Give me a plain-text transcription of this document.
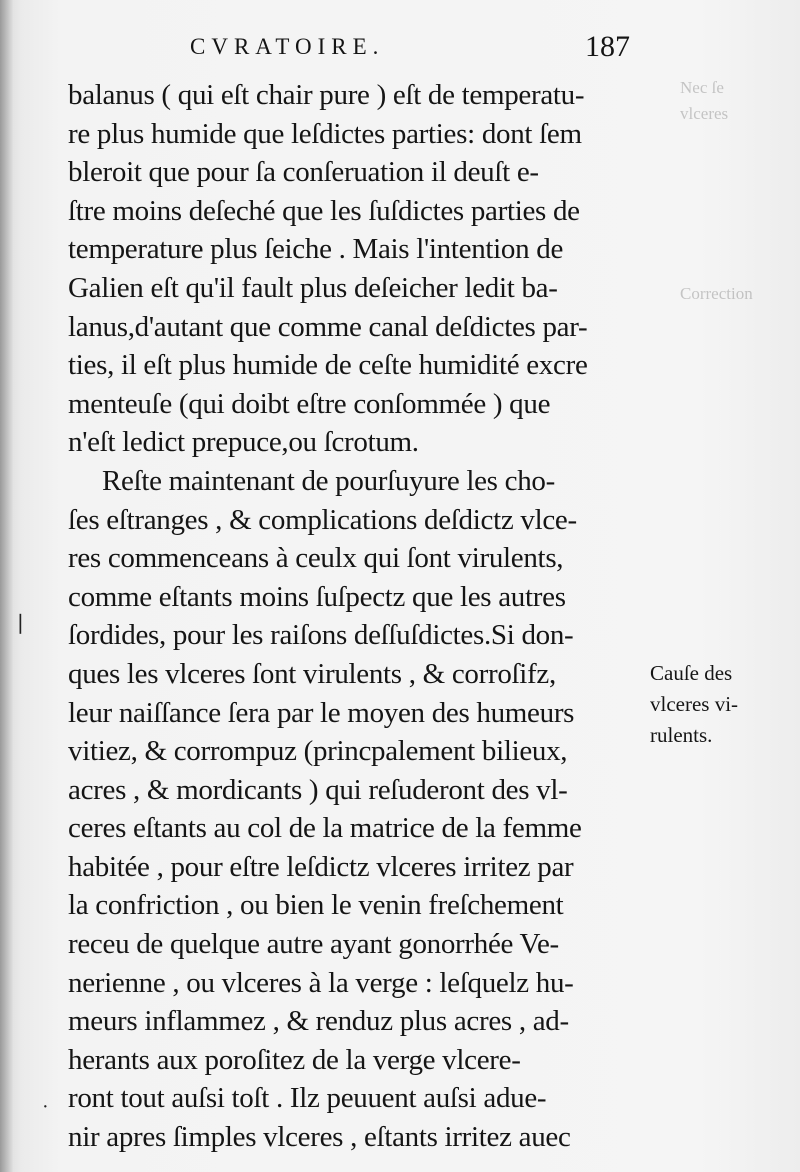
Nec ſe
vlceres
Correction
❘
·
CVRATOIRE.	187
balanus ( qui eſt chair pure ) eſt de temperatu-
re plus humide que leſdictes parties: dont ſem
bleroit que pour ſa conſeruation il deuſt e-
ſtre moins deſeché que les ſuſdictes parties de
temperature plus ſeiche . Mais l'intention de
Galien eſt qu'il fault plus deſeicher ledit ba-
lanus,d'autant que comme canal deſdictes par-
ties, il eſt plus humide de ceſte humidité excre
menteuſe (qui doibt eſtre conſommée ) que
n'eſt ledict prepuce,ou ſcrotum.
Reſte maintenant de pourſuyure les cho-
ſes eſtranges , & complications deſdictz vlce-
res commenceans à ceulx qui ſont virulents,
comme eſtants moins ſuſpectz que les autres
ſordides, pour les raiſons deſſuſdictes.Si don-
ques les vlceres ſont virulents , & corroſifz,
leur naiſſance ſera par le moyen des humeurs
vitiez, & corrompuz (princpalement bilieux,
acres , & mordicants ) qui reſuderont des vl-
ceres eſtants au col de la matrice de la femme
habitée , pour eſtre leſdictz vlceres irritez par
la confriction , ou bien le venin freſchement
receu de quelque autre ayant gonorrhée Ve-
nerienne , ou vlceres à la verge : leſquelz hu-
meurs inflammez , & renduz plus acres , ad-
herants aux poroſitez de la verge vlcere-
ront tout auſsi toſt . Ilz peuuent auſsi adue-
nir apres ſimples vlceres , eſtants irritez auec
Cauſe des
vlceres vi-
rulents.
